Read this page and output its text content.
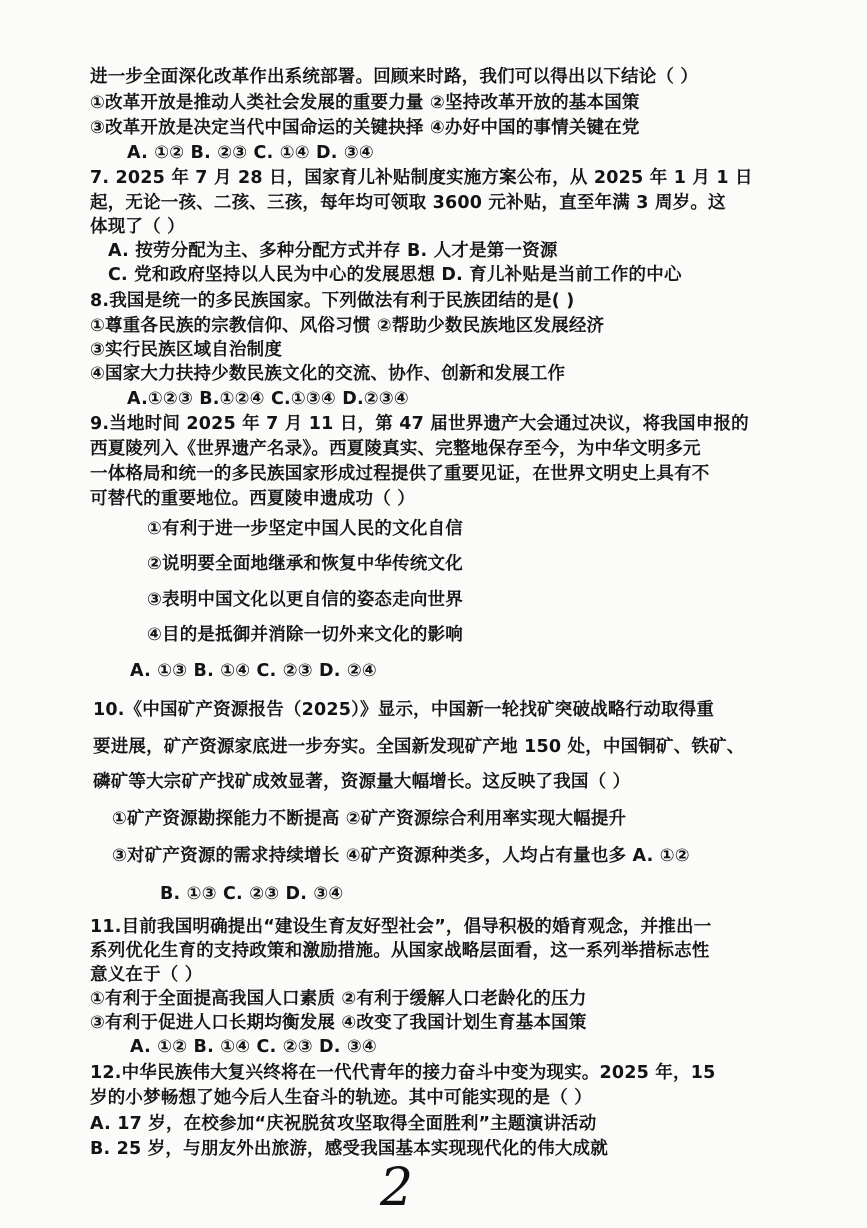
进一步全面深化改革作出系统部署。回顾来时路，我们可以得出以下结论（ ）
①改革开放是推动人类社会发展的重要力量 ②坚持改革开放的基本国策
③改革开放是决定当代中国命运的关键抉择 ④办好中国的事情关键在党
A. ①② B. ②③ C. ①④ D. ③④
7. 2025 年 7 月 28 日，国家育儿补贴制度实施方案公布，从 2025 年 1 月 1 日
起，无论一孩、二孩、三孩，每年均可领取 3600 元补贴，直至年满 3 周岁。这
体现了（ ）
A. 按劳分配为主、多种分配方式并存 B. 人才是第一资源
C. 党和政府坚持以人民为中心的发展思想 D. 育儿补贴是当前工作的中心
8.我国是统一的多民族国家。下列做法有利于民族团结的是( )
①尊重各民族的宗教信仰、风俗习惯 ②帮助少数民族地区发展经济
③实行民族区域自治制度
④国家大力扶持少数民族文化的交流、协作、创新和发展工作
A.①②③ B.①②④ C.①③④ D.②③④
9.当地时间 2025 年 7 月 11 日，第 47 届世界遗产大会通过决议，将我国申报的
西夏陵列入《世界遗产名录》。西夏陵真实、完整地保存至今，为中华文明多元
一体格局和统一的多民族国家形成过程提供了重要见证，在世界文明史上具有不
可替代的重要地位。西夏陵申遗成功（ ）
①有利于进一步坚定中国人民的文化自信
②说明要全面地继承和恢复中华传统文化
③表明中国文化以更自信的姿态走向世界
④目的是抵御并消除一切外来文化的影响
A. ①③ B. ①④ C. ②③ D. ②④
10.《中国矿产资源报告（2025）》显示，中国新一轮找矿突破战略行动取得重
要进展，矿产资源家底进一步夯实。全国新发现矿产地 150 处，中国铜矿、铁矿、
磷矿等大宗矿产找矿成效显著，资源量大幅增长。这反映了我国（ ）
①矿产资源勘探能力不断提高 ②矿产资源综合利用率实现大幅提升
③对矿产资源的需求持续增长 ④矿产资源种类多，人均占有量也多 A. ①②
B. ①③ C. ②③ D. ③④
11.目前我国明确提出“建设生育友好型社会”，倡导积极的婚育观念，并推出一
系列优化生育的支持政策和激励措施。从国家战略层面看，这一系列举措标志性
意义在于（ ）
①有利于全面提高我国人口素质 ②有利于缓解人口老龄化的压力
③有利于促进人口长期均衡发展 ④改变了我国计划生育基本国策
A. ①② B. ①④ C. ②③ D. ③④
12.中华民族伟大复兴终将在一代代青年的接力奋斗中变为现实。2025 年，15
岁的小梦畅想了她今后人生奋斗的轨迹。其中可能实现的是（ ）
A. 17 岁，在校参加“庆祝脱贫攻坚取得全面胜利”主题演讲活动
B. 25 岁，与朋友外出旅游，感受我国基本实现现代化的伟大成就
2
